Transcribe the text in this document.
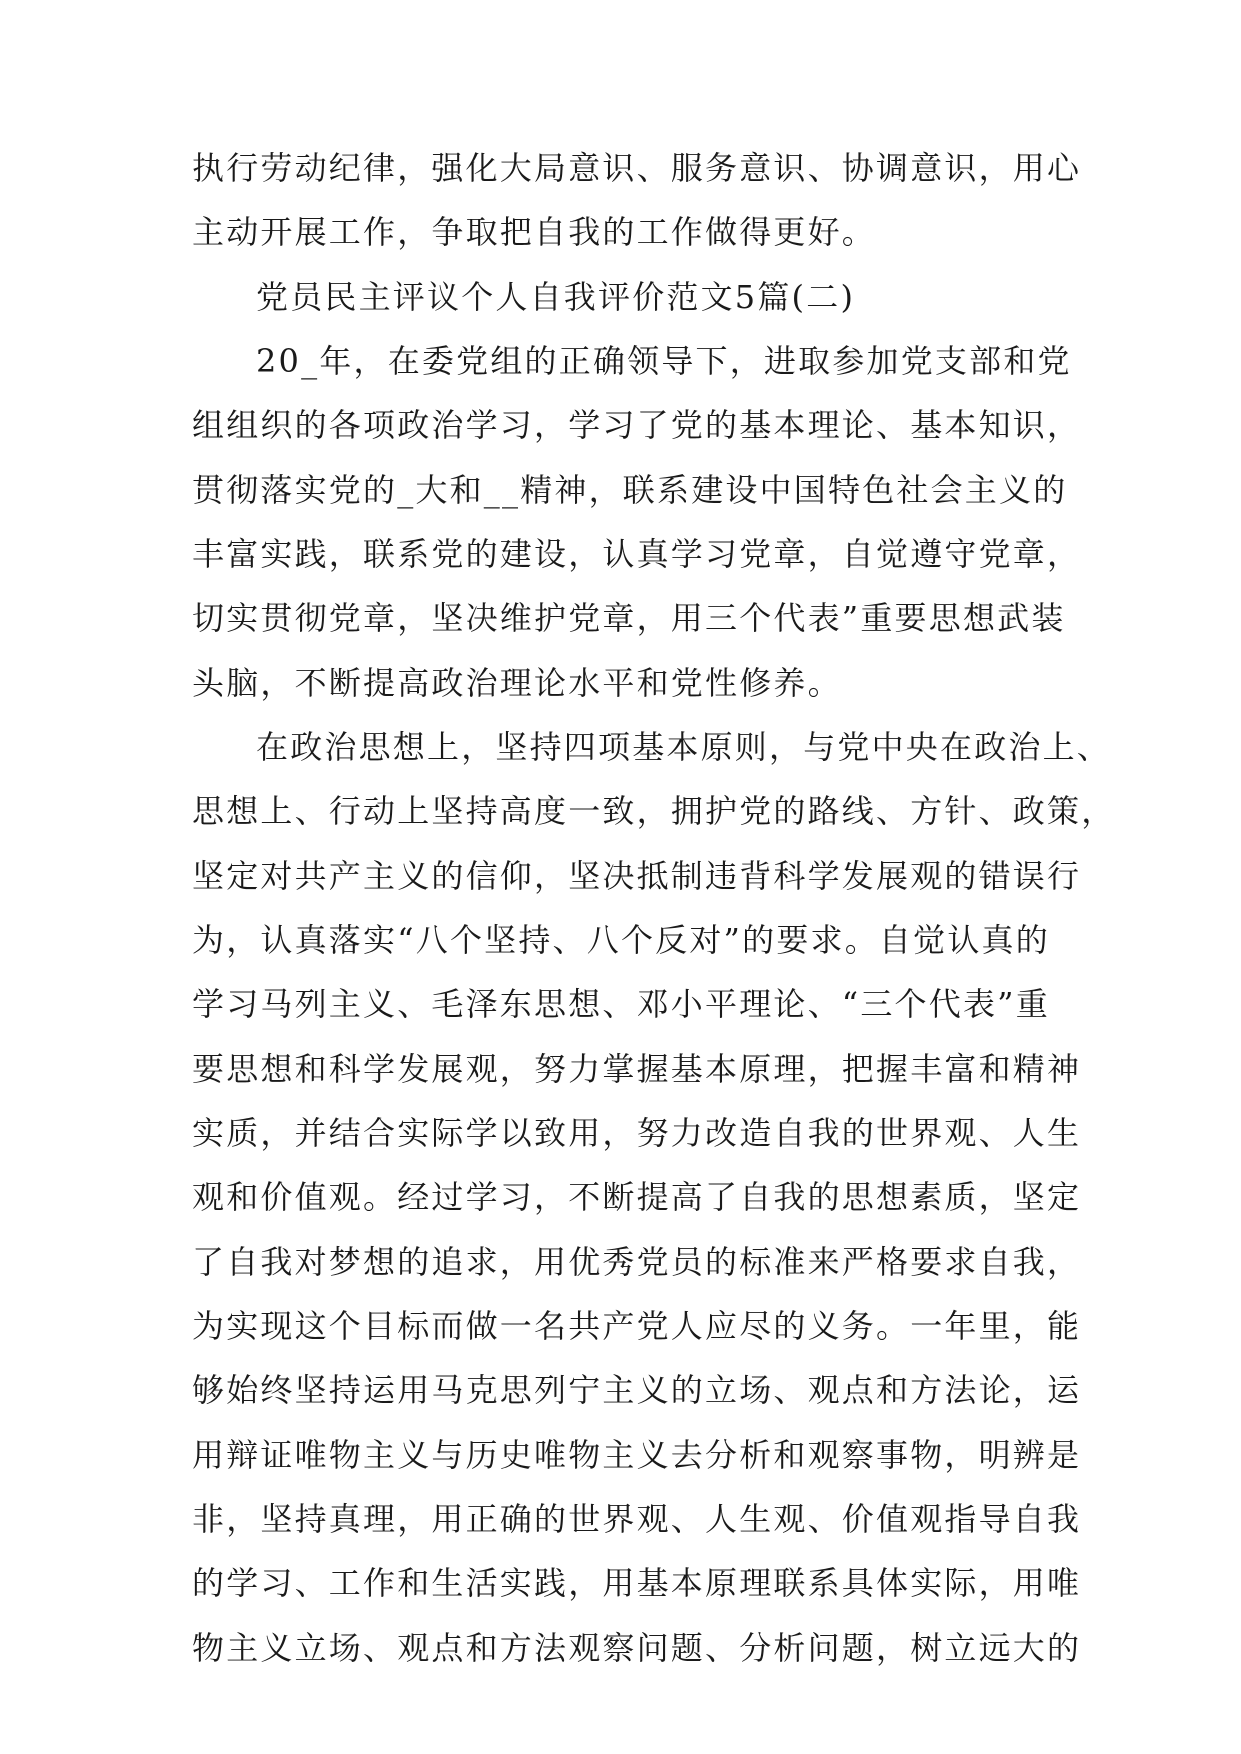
执行劳动纪律，强化大局意识、服务意识、协调意识，用心
主动开展工作，争取把自我的工作做得更好。
党员民主评议个人自我评价范文5篇(二)
20_年，在委党组的正确领导下，进取参加党支部和党
组组织的各项政治学习，学习了党的基本理论、基本知识，
贯彻落实党的_大和__精神，联系建设中国特色社会主义的
丰富实践，联系党的建设，认真学习党章，自觉遵守党章，
切实贯彻党章，坚决维护党章，用三个代表”重要思想武装
头脑，不断提高政治理论水平和党性修养。
在政治思想上，坚持四项基本原则，与党中央在政治上、
思想上、行动上坚持高度一致，拥护党的路线、方针、政策，
坚定对共产主义的信仰，坚决抵制违背科学发展观的错误行
为，认真落实“八个坚持、八个反对”的要求。自觉认真的
学习马列主义、毛泽东思想、邓小平理论、“三个代表”重
要思想和科学发展观，努力掌握基本原理，把握丰富和精神
实质，并结合实际学以致用，努力改造自我的世界观、人生
观和价值观。经过学习，不断提高了自我的思想素质，坚定
了自我对梦想的追求，用优秀党员的标准来严格要求自我，
为实现这个目标而做一名共产党人应尽的义务。一年里，能
够始终坚持运用马克思列宁主义的立场、观点和方法论，运
用辩证唯物主义与历史唯物主义去分析和观察事物，明辨是
非，坚持真理，用正确的世界观、人生观、价值观指导自我
的学习、工作和生活实践，用基本原理联系具体实际，用唯
物主义立场、观点和方法观察问题、分析问题，树立远大的
